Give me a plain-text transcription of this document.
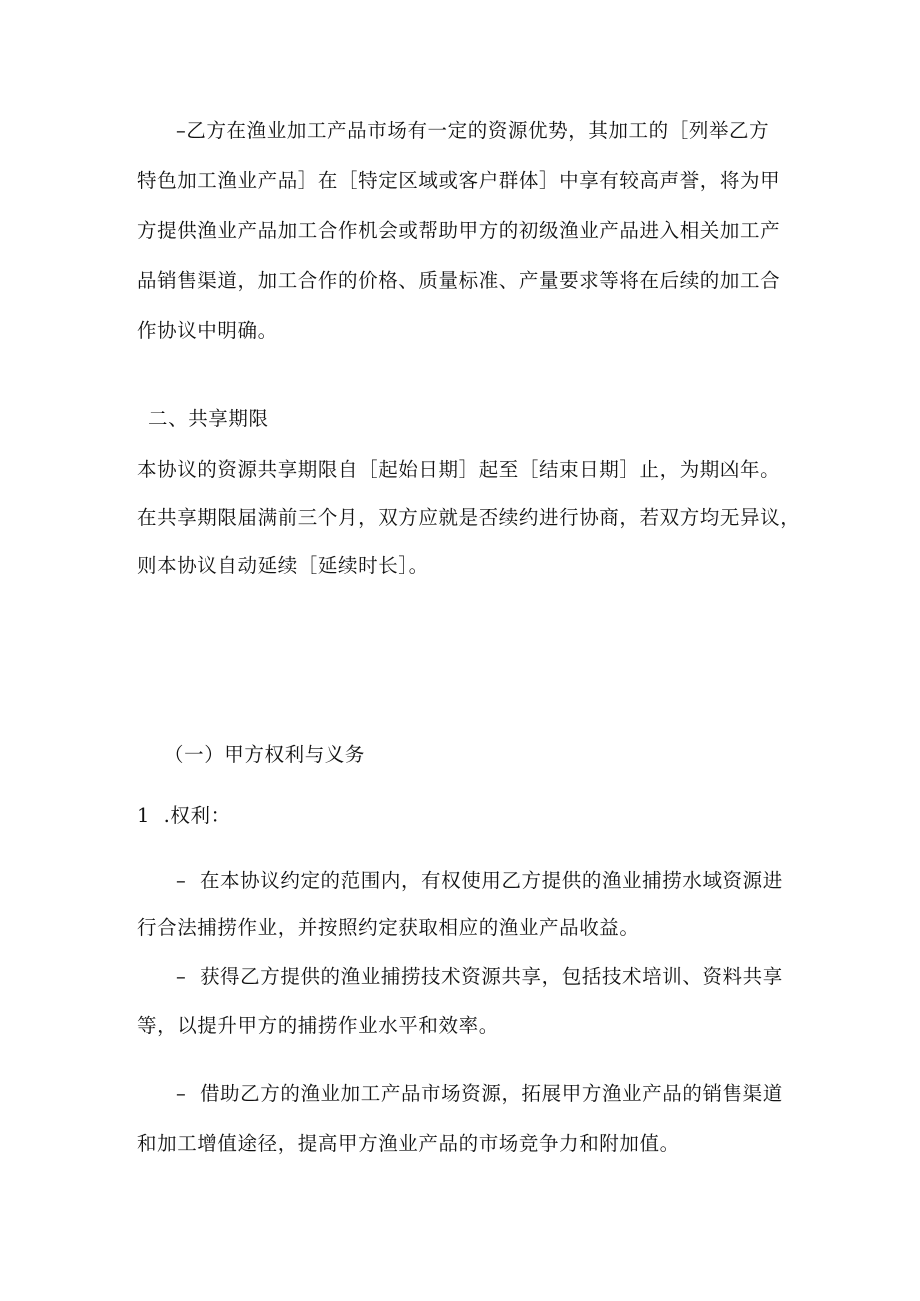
–乙方在渔业加工产品市场有一定的资源优势，其加工的［列举乙方
特色加工渔业产品］在［特定区域或客户群体］中享有较高声誉，将为甲
方提供渔业产品加工合作机会或帮助甲方的初级渔业产品进入相关加工产
品销售渠道，加工合作的价格、质量标准、产量要求等将在后续的加工合
作协议中明确。
二、共享期限
本协议的资源共享期限自［起始日期］起至［结束日期］止，为期凶年。
在共享期限届满前三个月，双方应就是否续约进行协商，若双方均无异议，
则本协议自动延续［延续时长］。
（一）甲方权利与义务
1  .权利：
–  在本协议约定的范围内，有权使用乙方提供的渔业捕捞水域资源进
行合法捕捞作业，并按照约定获取相应的渔业产品收益。
–  获得乙方提供的渔业捕捞技术资源共享，包括技术培训、资料共享
等，以提升甲方的捕捞作业水平和效率。
–  借助乙方的渔业加工产品市场资源，拓展甲方渔业产品的销售渠道
和加工增值途径，提高甲方渔业产品的市场竞争力和附加值。
